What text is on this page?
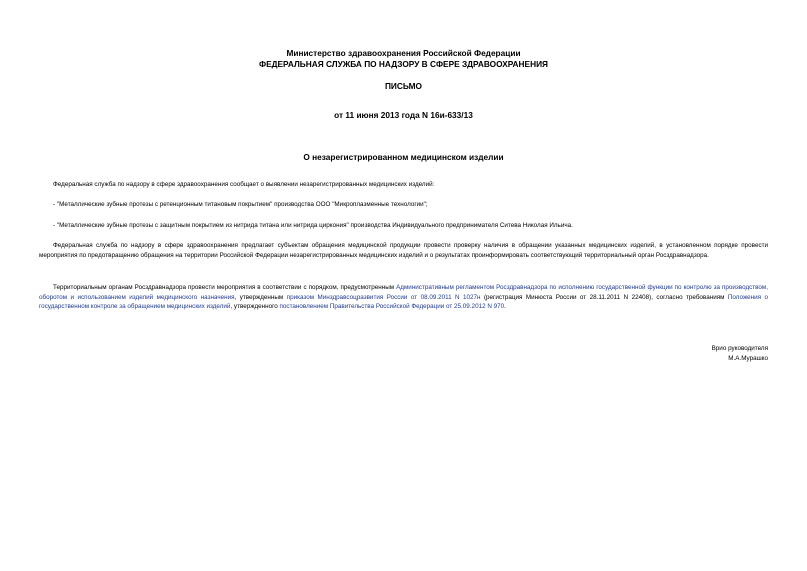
Министерство здравоохранения Российской Федерации
ФЕДЕРАЛЬНАЯ СЛУЖБА ПО НАДЗОРУ В СФЕРЕ ЗДРАВООХРАНЕНИЯ
ПИСЬМО
от 11 июня 2013 года N 16и-633/13
О незарегистрированном медицинском изделии

Федеральная служба по надзору в сфере здравоохранения сообщает о выявлении незарегистрированных медицинских изделий:

- "Металлические зубные протезы с ретенционным титановым покрытием" производства ООО "Микроплазменные технологии";

- "Металлические зубные протезы с защитным покрытием из нитрида титана или нитрида циркония" производства Индивидуального предпринимателя Ситева Николая Ильича.

Федеральная служба по надзору в сфере здравоохранения предлагает субъектам обращения медицинской продукции провести проверку наличия в обращении указанных медицинских изделий, в установленном порядке провести мероприятия по предотвращению обращения на территории Российской Федерации незарегистрированных медицинских изделий и о результатах проинформировать соответствующий территориальный орган Росздравнадзора.

Территориальным органам Росздравнадзора провести мероприятия в соответствии с порядком, предусмотренным Административным регламентом Росздравнадзора по исполнению государственной функции по контролю за производством, оборотом и использованием изделий медицинского назначения, утвержденным приказом Минздравсоцразвития России от 08.09.2011 N 1027н (регистрация Минюста России от 28.11.2011 N 22408), согласно требованиям Положения о государственном контроле за обращением медицинских изделий, утвержденного постановлением Правительства Российской Федерации от 25.09.2012 N 970.

Врио руководителя
М.А.Мурашко
